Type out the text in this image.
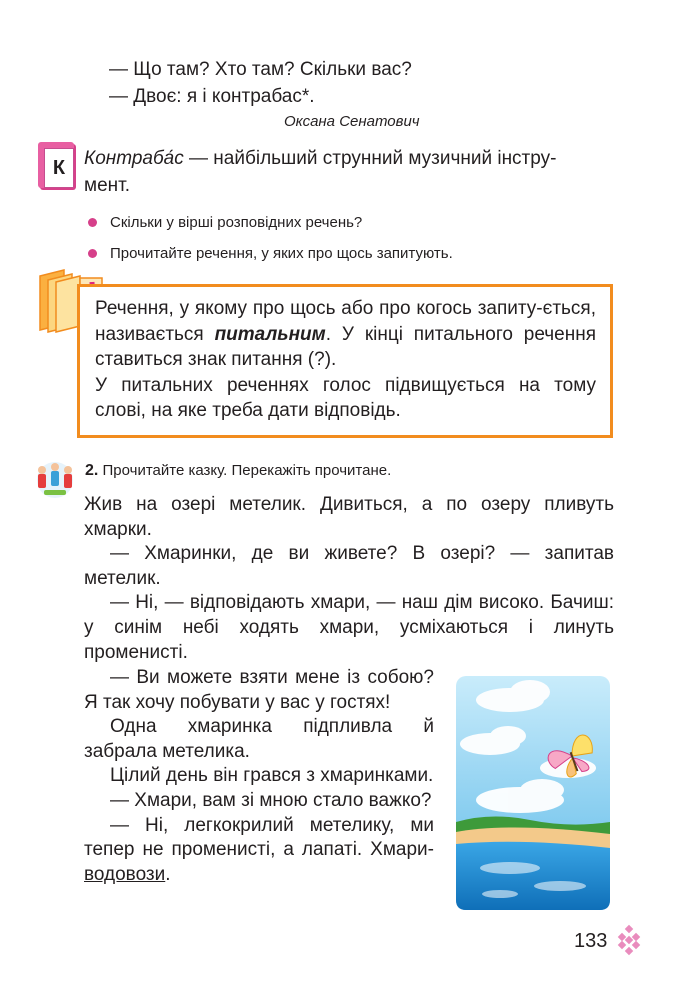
— Що там? Хто там? Скільки вас?
— Двоє: я і контрабас*.
Оксана Сенатович
К Контраба́с — найбільший струнний музичний інстру-
мент.
Скільки у вірші розповідних речень?
Прочитайте речення, у яких про щось запитують.
Речення, у якому про щось або про когось запиту-ється, називається питальним. У кінці питального речення ставиться знак питання (?).
У питальних реченнях голос підвищується на тому слові, на яке треба дати відповідь.
2. Прочитайте казку. Перекажіть прочитане.

Жив на озері метелик. Дивиться, а по озеру пливуть хмарки.

— Хмаринки, де ви живете? В озері? — запитав метелик.

— Ні, — відповідають хмари, — наш дім високо. Бачиш: у синім небі ходять хмари, усміхаються і линуть променисті.

— Ви можете взяти мене із собою? Я так хочу побувати у вас у гостях!

Одна хмаринка підпливла й забрала метелика.

Цілий день він грався з хмаринками.

— Хмари, вам зі мною стало важко?

— Ні, легкокрилий метелику, ми тепер не променисті, а лапаті. Хмари-водовози.

133
